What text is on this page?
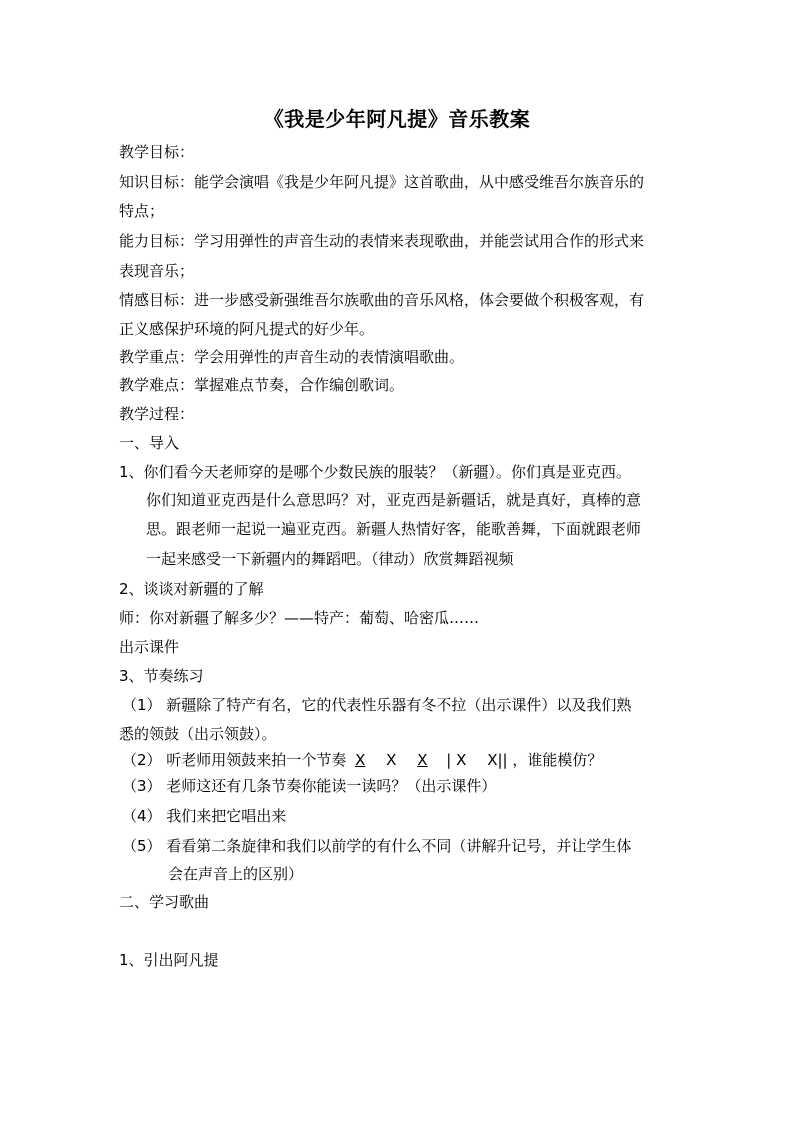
《我是少年阿凡提》音乐教案
教学目标：
知识目标：能学会演唱《我是少年阿凡提》这首歌曲，从中感受维吾尔族音乐的
特点；
能力目标：学习用弹性的声音生动的表情来表现歌曲，并能尝试用合作的形式来
表现音乐；
情感目标：进一步感受新强维吾尔族歌曲的音乐风格，体会要做个积极客观，有
正义感保护环境的阿凡提式的好少年。
教学重点：学会用弹性的声音生动的表情演唱歌曲。
教学难点：掌握难点节奏，合作编创歌词。
教学过程：
一、导入
1、你们看今天老师穿的是哪个少数民族的服装？（新疆）。你们真是亚克西。
你们知道亚克西是什么意思吗？对，亚克西是新疆话，就是真好，真棒的意
思。跟老师一起说一遍亚克西。新疆人热情好客，能歌善舞，下面就跟老师
一起来感受一下新疆内的舞蹈吧。（律动）欣赏舞蹈视频
2、谈谈对新疆的了解
师：你对新疆了解多少？——特产：葡萄、哈密瓜……
出示课件
3、节奏练习
（1） 新疆除了特产有名，它的代表性乐器有冬不拉（出示课件）以及我们熟
悉的领鼓（出示领鼓）。
（2） 听老师用领鼓来拍一个节奏 X X X | X X|| ，谁能模仿？
（3） 老师这还有几条节奏你能读一读吗？（出示课件）
（4） 我们来把它唱出来
（5） 看看第二条旋律和我们以前学的有什么不同（讲解升记号，并让学生体
会在声音上的区别）
二、学习歌曲
1、引出阿凡提
